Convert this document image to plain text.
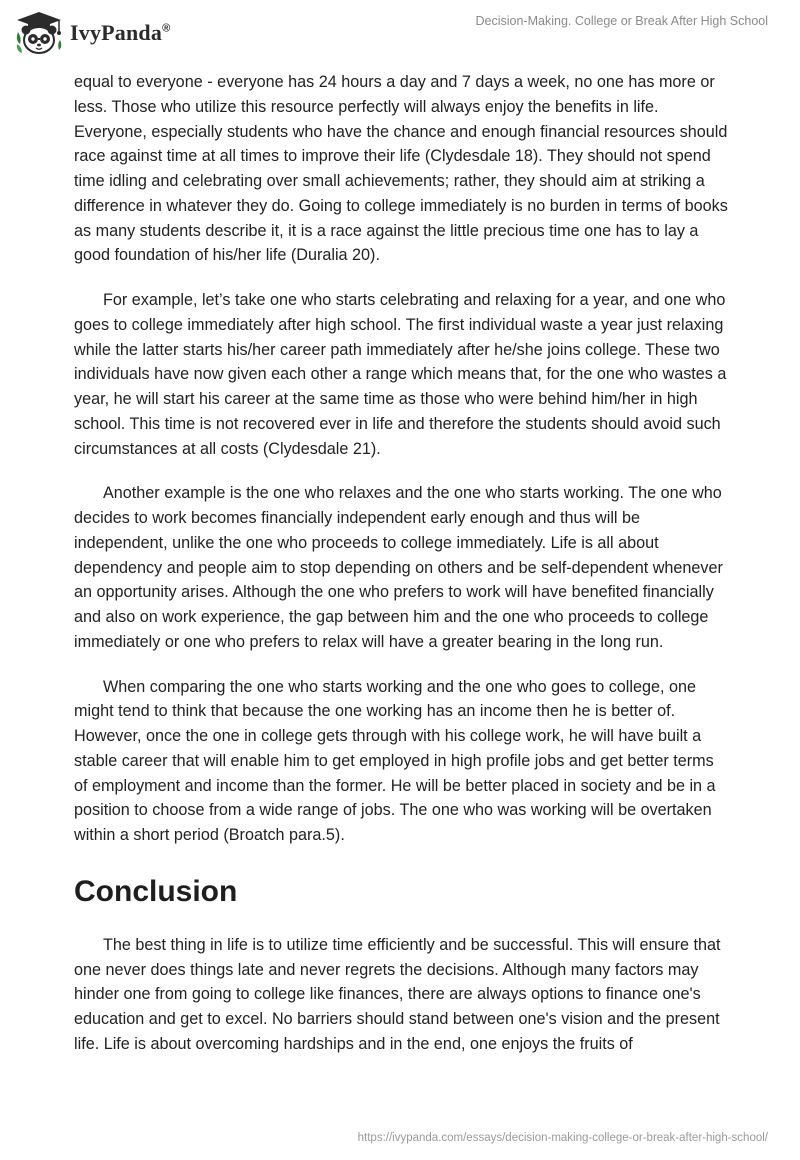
IvyPanda®
Decision-Making. College or Break After High School

equal to everyone - everyone has 24 hours a day and 7 days a week, no one has more or less. Those who utilize this resource perfectly will always enjoy the benefits in life. Everyone, especially students who have the chance and enough financial resources should race against time at all times to improve their life (Clydesdale 18). They should not spend time idling and celebrating over small achievements; rather, they should aim at striking a difference in whatever they do. Going to college immediately is no burden in terms of books as many students describe it, it is a race against the little precious time one has to lay a good foundation of his/her life (Duralia 20).

For example, let’s take one who starts celebrating and relaxing for a year, and one who goes to college immediately after high school. The first individual waste a year just relaxing while the latter starts his/her career path immediately after he/she joins college. These two individuals have now given each other a range which means that, for the one who wastes a year, he will start his career at the same time as those who were behind him/her in high school. This time is not recovered ever in life and therefore the students should avoid such circumstances at all costs (Clydesdale 21).

Another example is the one who relaxes and the one who starts working. The one who decides to work becomes financially independent early enough and thus will be independent, unlike the one who proceeds to college immediately. Life is all about dependency and people aim to stop depending on others and be self-dependent whenever an opportunity arises. Although the one who prefers to work will have benefited financially and also on work experience, the gap between him and the one who proceeds to college immediately or one who prefers to relax will have a greater bearing in the long run.

When comparing the one who starts working and the one who goes to college, one might tend to think that because the one working has an income then he is better of. However, once the one in college gets through with his college work, he will have built a stable career that will enable him to get employed in high profile jobs and get better terms of employment and income than the former. He will be better placed in society and be in a position to choose from a wide range of jobs. The one who was working will be overtaken within a short period (Broatch para.5).

Conclusion

The best thing in life is to utilize time efficiently and be successful. This will ensure that one never does things late and never regrets the decisions. Although many factors may hinder one from going to college like finances, there are always options to finance one's education and get to excel. No barriers should stand between one's vision and the present life. Life is about overcoming hardships and in the end, one enjoys the fruits of

https://ivypanda.com/essays/decision-making-college-or-break-after-high-school/
